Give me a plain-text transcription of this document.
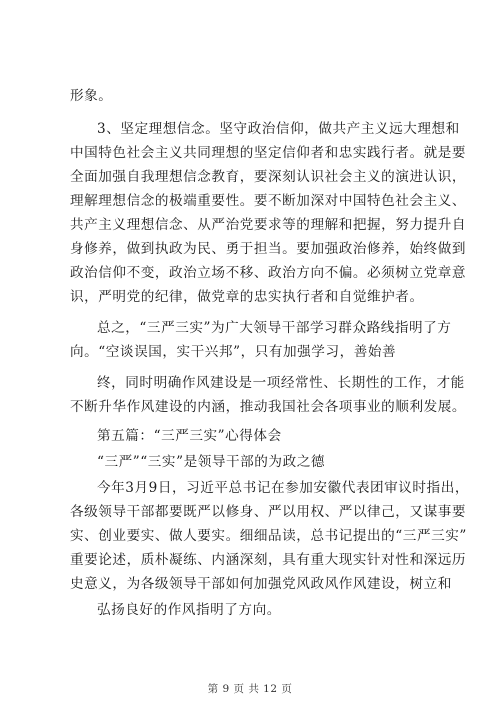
形象。
3、坚定理想信念。坚守政治信仰，做共产主义远大理想和
中国特色社会主义共同理想的坚定信仰者和忠实践行者。就是要
全面加强自我理想信念教育，要深刻认识社会主义的演进认识，
理解理想信念的极端重要性。要不断加深对中国特色社会主义、
共产主义理想信念、从严治党要求等的理解和把握，努力提升自
身修养，做到执政为民、勇于担当。要加强政治修养，始终做到
政治信仰不变，政治立场不移、政治方向不偏。必须树立党章意
识，严明党的纪律，做党章的忠实执行者和自觉维护者。
总之，“三严三实”为广大领导干部学习群众路线指明了方
向。“空谈误国，实干兴邦”，只有加强学习，善始善
终，同时明确作风建设是一项经常性、长期性的工作，才能
不断升华作风建设的内涵，推动我国社会各项事业的顺利发展。
第五篇：“三严三实”心得体会
“三严”“三实”是领导干部的为政之德
今年3月9日，习近平总书记在参加安徽代表团审议时指出，
各级领导干部都要既严以修身、严以用权、严以律己，又谋事要
实、创业要实、做人要实。细细品读，总书记提出的“三严三实”
重要论述，质朴凝练、内涵深刻，具有重大现实针对性和深远历
史意义，为各级领导干部如何加强党风政风作风建设，树立和
弘扬良好的作风指明了方向。
第 9 页 共 12 页
